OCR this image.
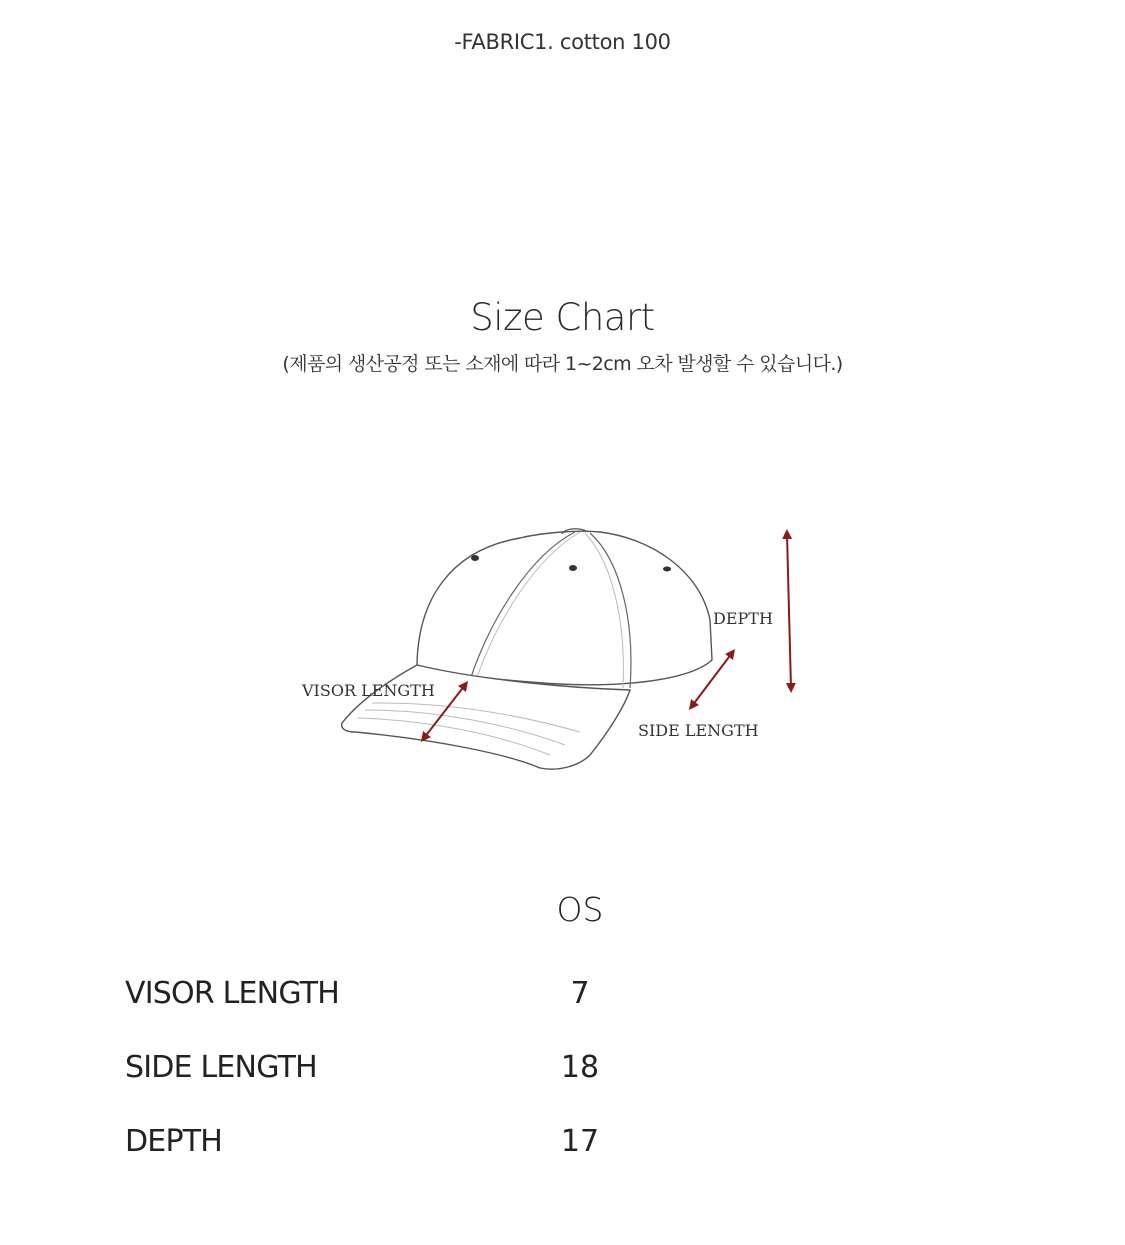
-FABRIC1. cotton 100
Size Chart
(제품의 생산공정 또는 소재에 따라 1~2cm 오차 발생할 수 있습니다.)
VISOR LENGTH
SIDE LENGTH
DEPTH
OS
VISOR LENGTH	7
SIDE LENGTH	18
DEPTH	17
